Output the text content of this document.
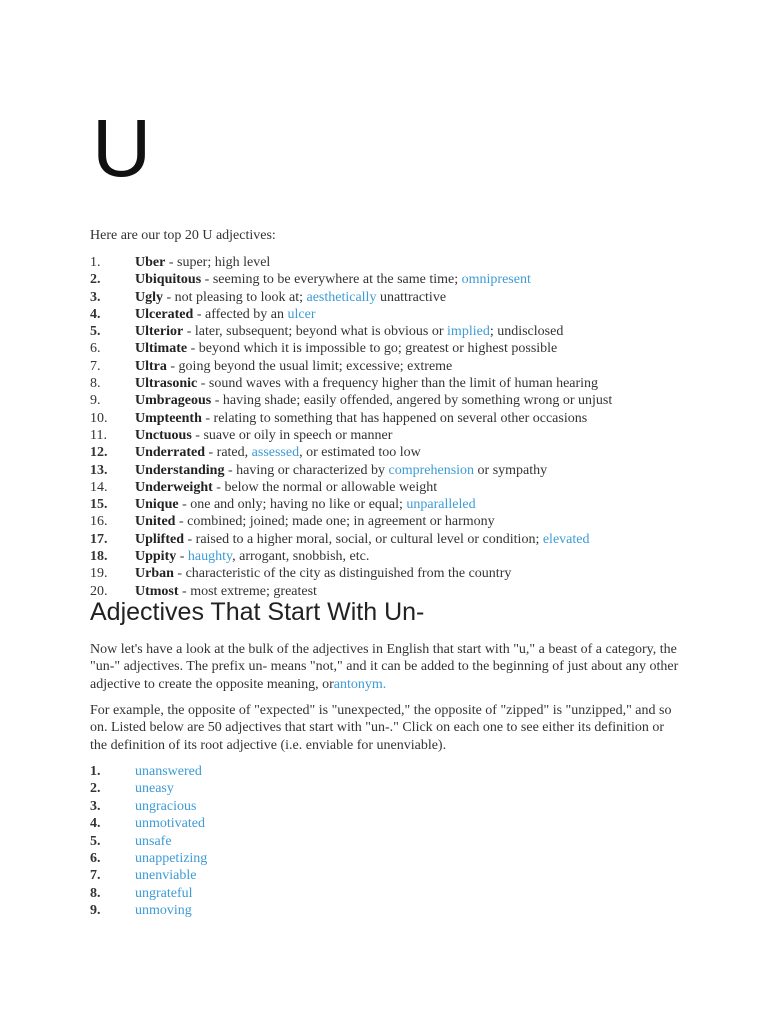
U

Here are our top 20 U adjectives:

1.	Uber - super; high level
2.	Ubiquitous - seeming to be everywhere at the same time; omnipresent
3.	Ugly - not pleasing to look at; aesthetically unattractive
4.	Ulcerated - affected by an ulcer
5.	Ulterior - later, subsequent; beyond what is obvious or implied; undisclosed
6.	Ultimate - beyond which it is impossible to go; greatest or highest possible
7.	Ultra - going beyond the usual limit; excessive; extreme
8.	Ultrasonic - sound waves with a frequency higher than the limit of human hearing
9.	Umbrageous - having shade; easily offended, angered by something wrong or unjust
10.	Umpteenth - relating to something that has happened on several other occasions
11.	Unctuous - suave or oily in speech or manner
12.	Underrated - rated, assessed, or estimated too low
13.	Understanding - having or characterized by comprehension or sympathy
14.	Underweight - below the normal or allowable weight
15.	Unique - one and only; having no like or equal; unparalleled
16.	United - combined; joined; made one; in agreement or harmony
17.	Uplifted - raised to a higher moral, social, or cultural level or condition; elevated
18.	Uppity - haughty, arrogant, snobbish, etc.
19.	Urban - characteristic of the city as distinguished from the country
20.	Utmost - most extreme; greatest
Adjectives That Start With Un-

Now let's have a look at the bulk of the adjectives in English that start with "u," a beast of a category, the "un-" adjectives. The prefix un- means "not," and it can be added to the beginning of just about any other adjective to create the opposite meaning, orantonym.

For example, the opposite of "expected" is "unexpected," the opposite of "zipped" is "unzipped," and so on. Listed below are 50 adjectives that start with "un-." Click on each one to see either its definition or the definition of its root adjective (i.e. enviable for unenviable).

1.	unanswered
2.	uneasy
3.	ungracious
4.	unmotivated
5.	unsafe
6.	unappetizing
7.	unenviable
8.	ungrateful
9.	unmoving
